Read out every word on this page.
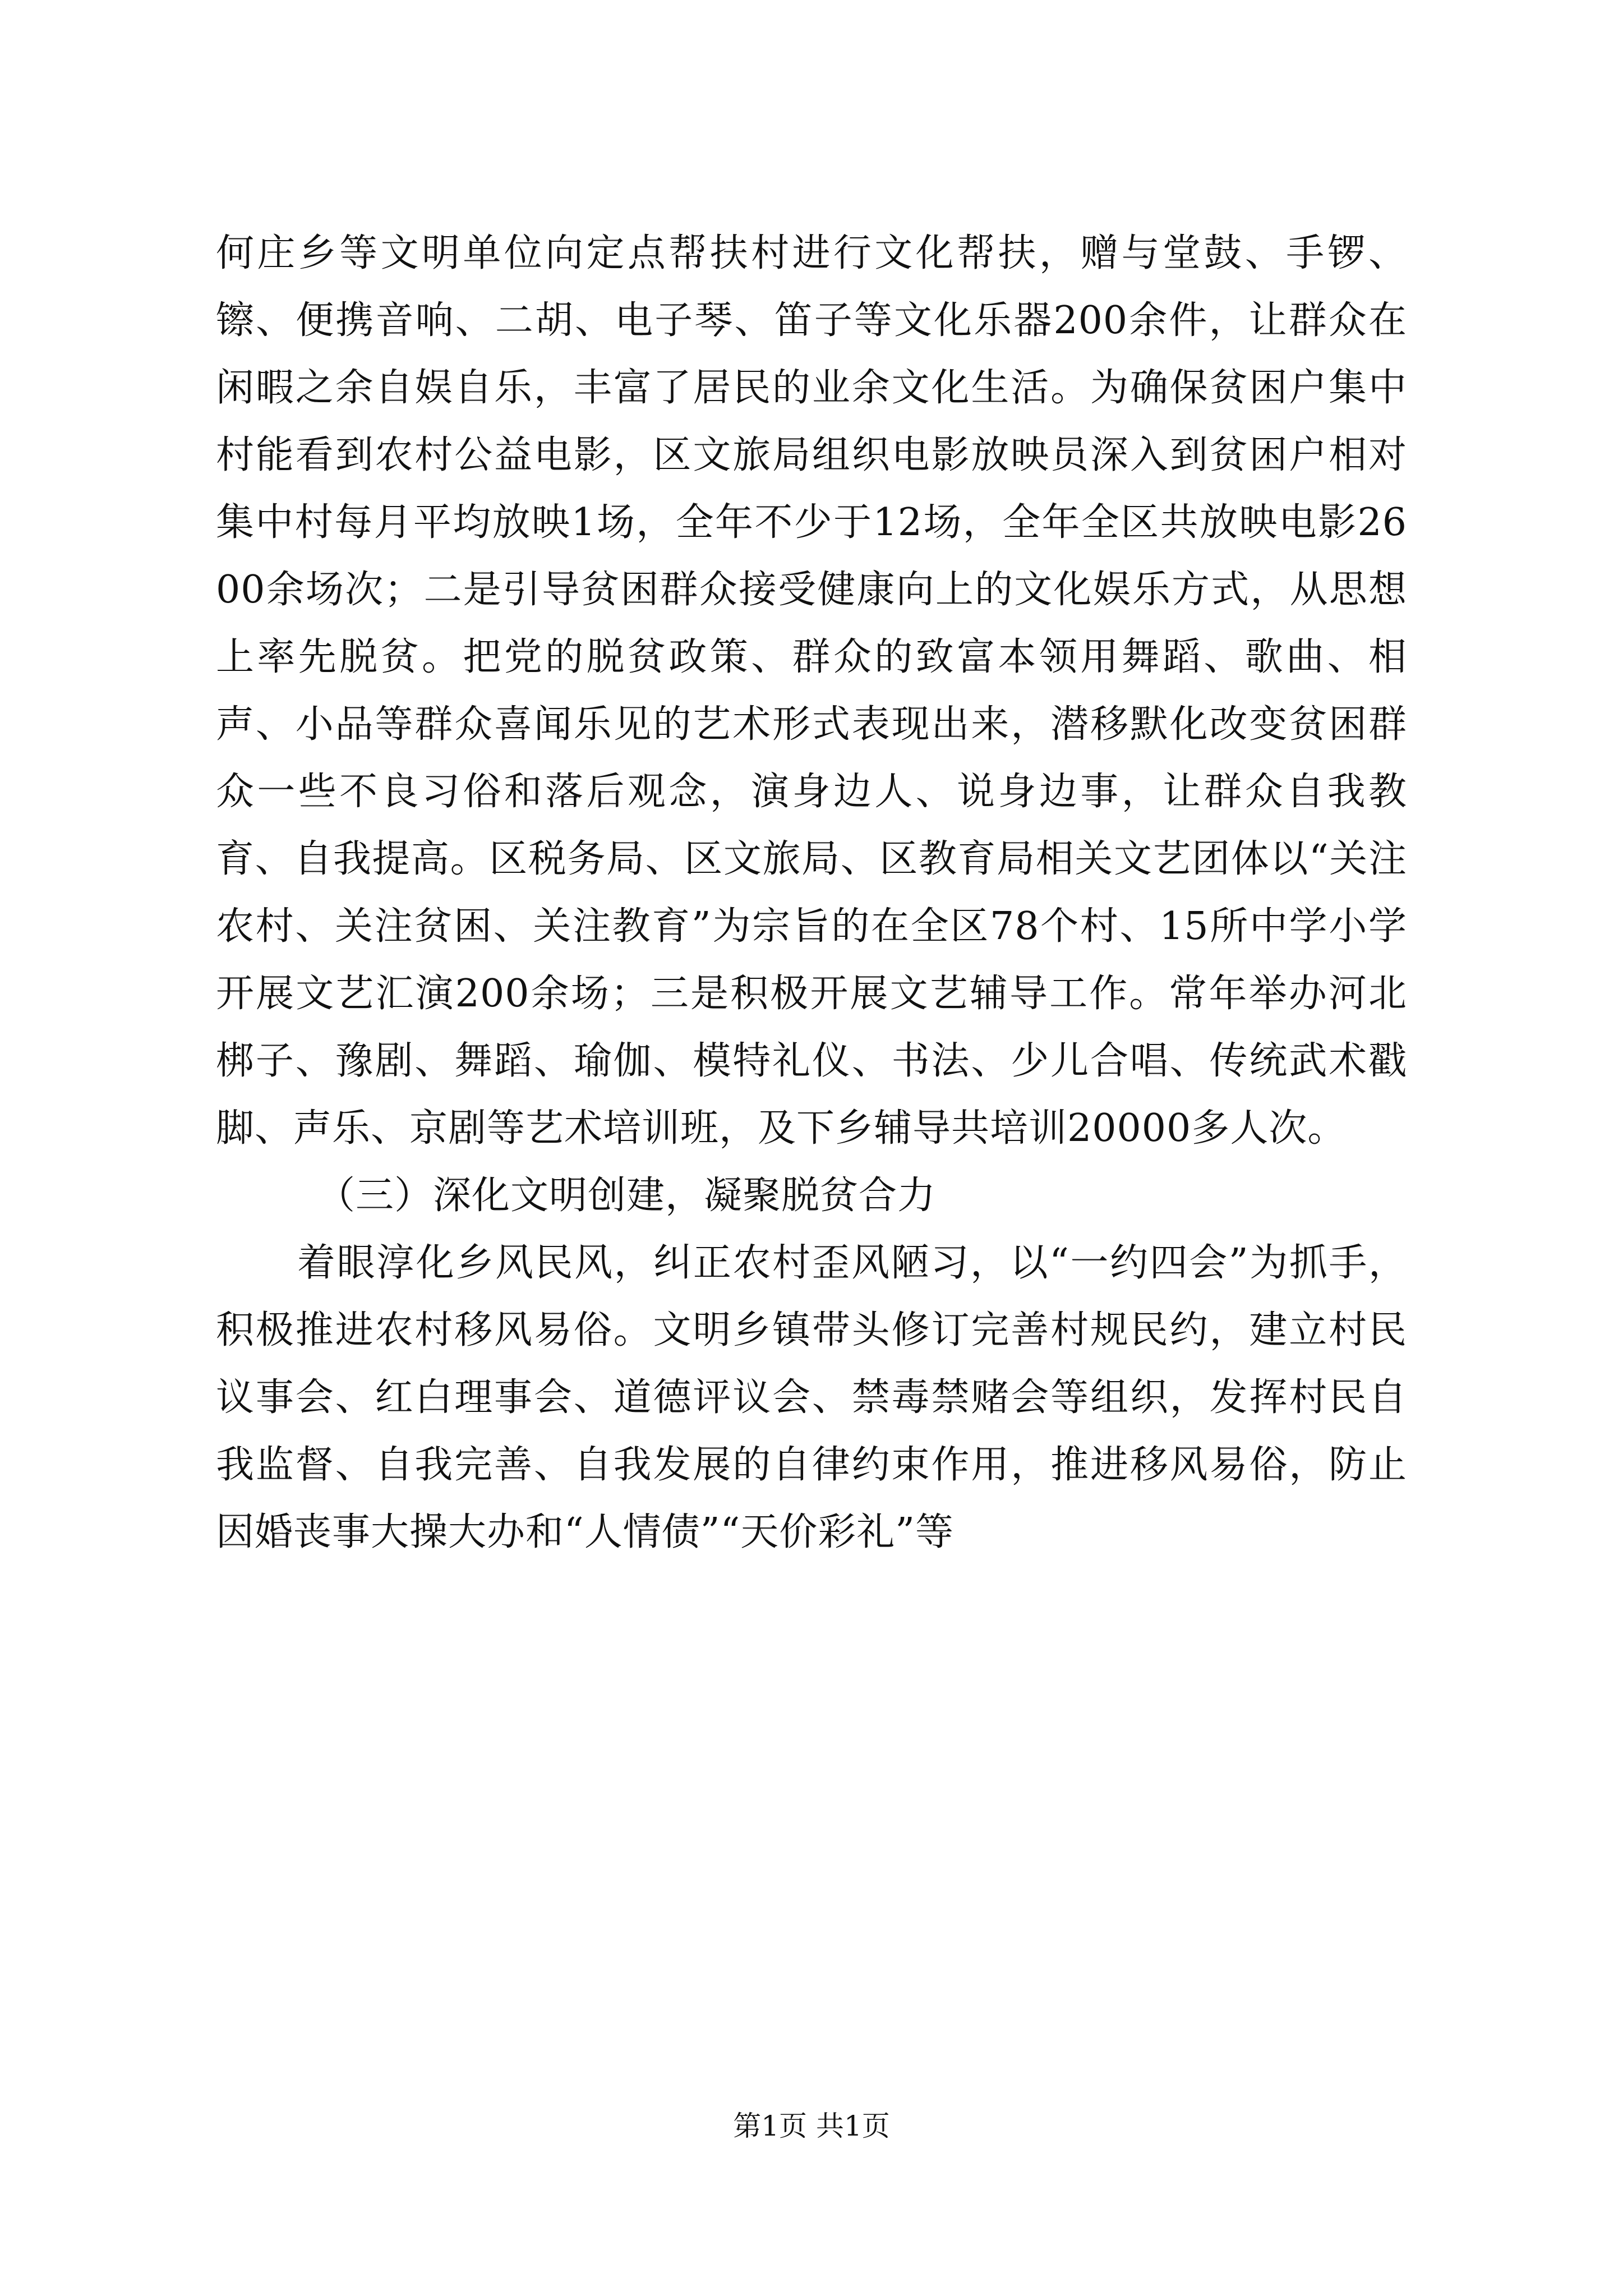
何庄乡等文明单位向定点帮扶村进行文化帮扶，赠与堂鼓、手锣、镲、便携音响、二胡、电子琴、笛子等文化乐器200余件，让群众在闲暇之余自娱自乐，丰富了居民的业余文化生活。为确保贫困户集中村能看到农村公益电影，区文旅局组织电影放映员深入到贫困户相对集中村每月平均放映1场，全年不少于12场，全年全区共放映电影2600余场次；二是引导贫困群众接受健康向上的文化娱乐方式，从思想上率先脱贫。把党的脱贫政策、群众的致富本领用舞蹈、歌曲、相声、小品等群众喜闻乐见的艺术形式表现出来，潜移默化改变贫困群众一些不良习俗和落后观念，演身边人、说身边事，让群众自我教育、自我提高。区税务局、区文旅局、区教育局相关文艺团体以“关注农村、关注贫困、关注教育”为宗旨的在全区78个村、15所中学小学开展文艺汇演200余场；三是积极开展文艺辅导工作。常年举办河北梆子、豫剧、舞蹈、瑜伽、模特礼仪、书法、少儿合唱、传统武术戳脚、声乐、京剧等艺术培训班，及下乡辅导共培训20000多人次。

（三）深化文明创建，凝聚脱贫合力

着眼淳化乡风民风，纠正农村歪风陋习，以“一约四会”为抓手，积极推进农村移风易俗。文明乡镇带头修订完善村规民约，建立村民议事会、红白理事会、道德评议会、禁毒禁赌会等组织，发挥村民自我监督、自我完善、自我发展的自律约束作用，推进移风易俗，防止因婚丧事大操大办和“人情债”“天价彩礼”等

第1页 共1页
